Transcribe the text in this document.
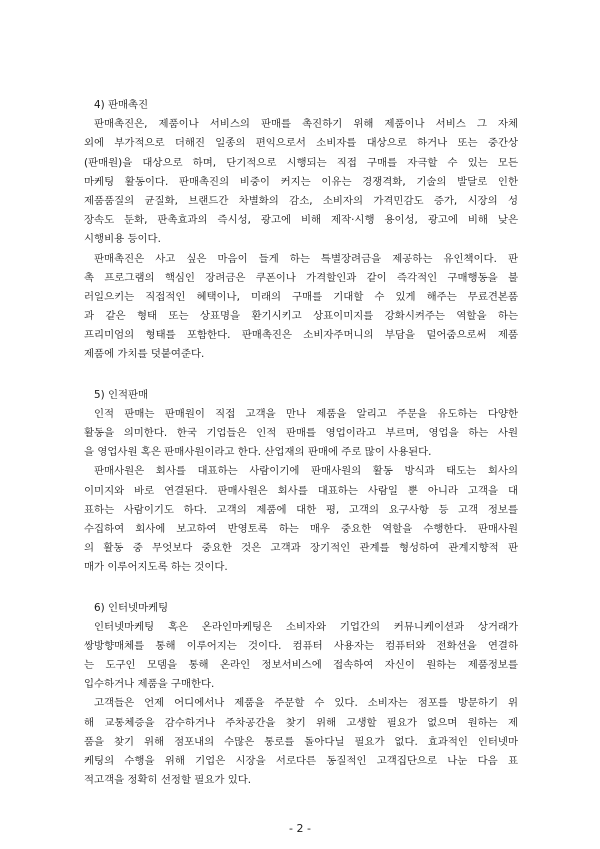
4) 판매촉진
판매촉진은, 제품이나 서비스의 판매를 촉진하기 위해 제품이나 서비스 그 자체
외에 부가적으로 더해진 일종의 편익으로서 소비자를 대상으로 하거나 또는 중간상
(판매원)을 대상으로 하며, 단기적으로 시행되는 직접 구매를 자극할 수 있는 모든
마케팅 활동이다. 판매촉진의 비중이 커지는 이유는 경쟁격화, 기술의 발달로 인한
제품품질의 균질화, 브랜드간 차별화의 감소, 소비자의 가격민감도 증가, 시장의 성
장속도 둔화, 판촉효과의 즉시성, 광고에 비해 제작·시행 용이성, 광고에 비해 낮은
시행비용 등이다.
판매촉진은 사고 싶은 마음이 들게 하는 특별장려금을 제공하는 유인책이다. 판
촉 프로그램의 핵심인 장려금은 쿠폰이나 가격할인과 같이 즉각적인 구매행동을 불
러일으키는 직접적인 혜택이나, 미래의 구매를 기대할 수 있게 해주는 무료견본품
과 같은 형태 또는 상표명을 환기시키고 상표이미지를 강화시켜주는 역할을 하는
프리미엄의 형태를 포함한다. 판매촉진은 소비자주머니의 부담을 덜어줌으로써 제품
제품에 가치를 덧붙여준다.
5) 인적판매
인적 판매는 판매원이 직접 고객을 만나 제품을 알리고 주문을 유도하는 다양한
활동을 의미한다. 한국 기업들은 인적 판매를 영업이라고 부르며, 영업을 하는 사원
을 영업사원 혹은 판매사원이라고 한다. 산업재의 판매에 주로 많이 사용된다.
판매사원은 회사를 대표하는 사람이기에 판매사원의 활동 방식과 태도는 회사의
이미지와 바로 연결된다. 판매사원은 회사를 대표하는 사람일 뿐 아니라 고객을 대
표하는 사람이기도 하다. 고객의 제품에 대한 평, 고객의 요구사항 등 고객 정보를
수집하여 회사에 보고하여 반영토록 하는 매우 중요한 역할을 수행한다. 판매사원
의 활동 중 무엇보다 중요한 것은 고객과 장기적인 관계를 형성하여 관계지향적 판
매가 이루어지도록 하는 것이다.
6) 인터넷마케팅
인터넷마케팅 혹은 온라인마케팅은 소비자와 기업간의 커뮤니케이션과 상거래가
쌍방향매체를 통해 이루어지는 것이다. 컴퓨터 사용자는 컴퓨터와 전화선을 연결하
는 도구인 모뎀을 통해 온라인 정보서비스에 접속하여 자신이 원하는 제품정보를
입수하거나 제품을 구매한다.
고객들은 언제 어디에서나 제품을 주문할 수 있다. 소비자는 점포를 방문하기 위
해 교통체증을 감수하거나 주차공간을 찾기 위해 고생할 필요가 없으며 원하는 제
품을 찾기 위해 점포내의 수많은 통로를 돌아다닐 필요가 없다. 효과적인 인터넷마
케팅의 수행을 위해 기업은 시장을 서로다른 동질적인 고객집단으로 나눈 다음 표
적고객을 정확히 선정할 필요가 있다.
- 2 -
